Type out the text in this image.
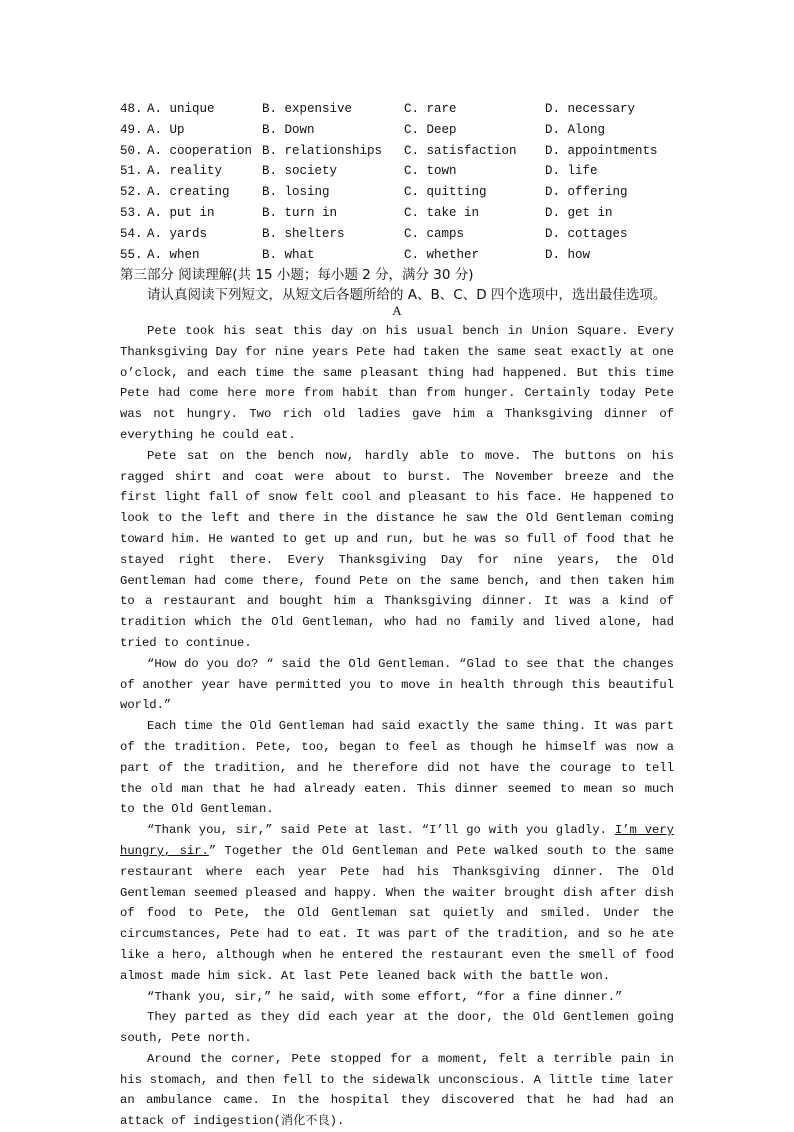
48. A. unique	B. expensive	C. rare	D. necessary
49. A. Up	B. Down	C. Deep	D. Along
50. A. cooperation B. relationships C. satisfaction D. appointments
51. A. reality	B. society	C. town	D. life
52. A. creating	B. losing	C. quitting	D. offering
53. A. put in	B. turn in	C. take in	D. get in
54. A. yards	B. shelters	C. camps	D. cottages
55. A. when	B. what	C. whether	D. how
第三部分 阅读理解(共 15 小题；每小题 2 分，满分 30 分)
请认真阅读下列短文，从短文后各题所给的 A、B、C、D 四个选项中，选出最佳选项。
A

Pete took his seat this day on his usual bench in Union Square. Every Thanksgiving Day for nine years Pete had taken the same seat exactly at one o’clock, and each time the same pleasant thing had happened. But this time Pete had come here more from habit than from hunger. Certainly today Pete was not hungry. Two rich old ladies gave him a Thanksgiving dinner of everything he could eat.

Pete sat on the bench now, hardly able to move. The buttons on his ragged shirt and coat were about to burst. The November breeze and the first light fall of snow felt cool and pleasant to his face. He happened to look to the left and there in the distance he saw the Old Gentleman coming toward him. He wanted to get up and run, but he was so full of food that he stayed right there. Every Thanksgiving Day for nine years, the Old Gentleman had come there, found Pete on the same bench, and then taken him to a restaurant and bought him a Thanksgiving dinner. It was a kind of tradition which the Old Gentleman, who had no family and lived alone, had tried to continue.

“How do you do? “ said the Old Gentleman. “Glad to see that the changes of another year have permitted you to move in health through this beautiful world.”

Each time the Old Gentleman had said exactly the same thing. It was part of the tradition. Pete, too, began to feel as though he himself was now a part of the tradition, and he therefore did not have the courage to tell the old man that he had already eaten. This dinner seemed to mean so much to the Old Gentleman.

“Thank you, sir,” said Pete at last. “I’ll go with you gladly. I’m very hungry, sir.” Together the Old Gentleman and Pete walked south to the same restaurant where each year Pete had his Thanksgiving dinner. The Old Gentleman seemed pleased and happy. When the waiter brought dish after dish of food to Pete, the Old Gentleman sat quietly and smiled. Under the circumstances, Pete had to eat. It was part of the tradition, and so he ate like a hero, although when he entered the restaurant even the smell of food almost made him sick. At last Pete leaned back with the battle won.

“Thank you, sir,” he said, with some effort, “for a fine dinner.”

They parted as they did each year at the door, the Old Gentlemen going south, Pete north.

Around the corner, Pete stopped for a moment, felt a terrible pain in his stomach, and then fell to the sidewalk unconscious. A little time later an ambulance came. In the hospital they discovered that he had had an attack of indigestion(消化不良).
